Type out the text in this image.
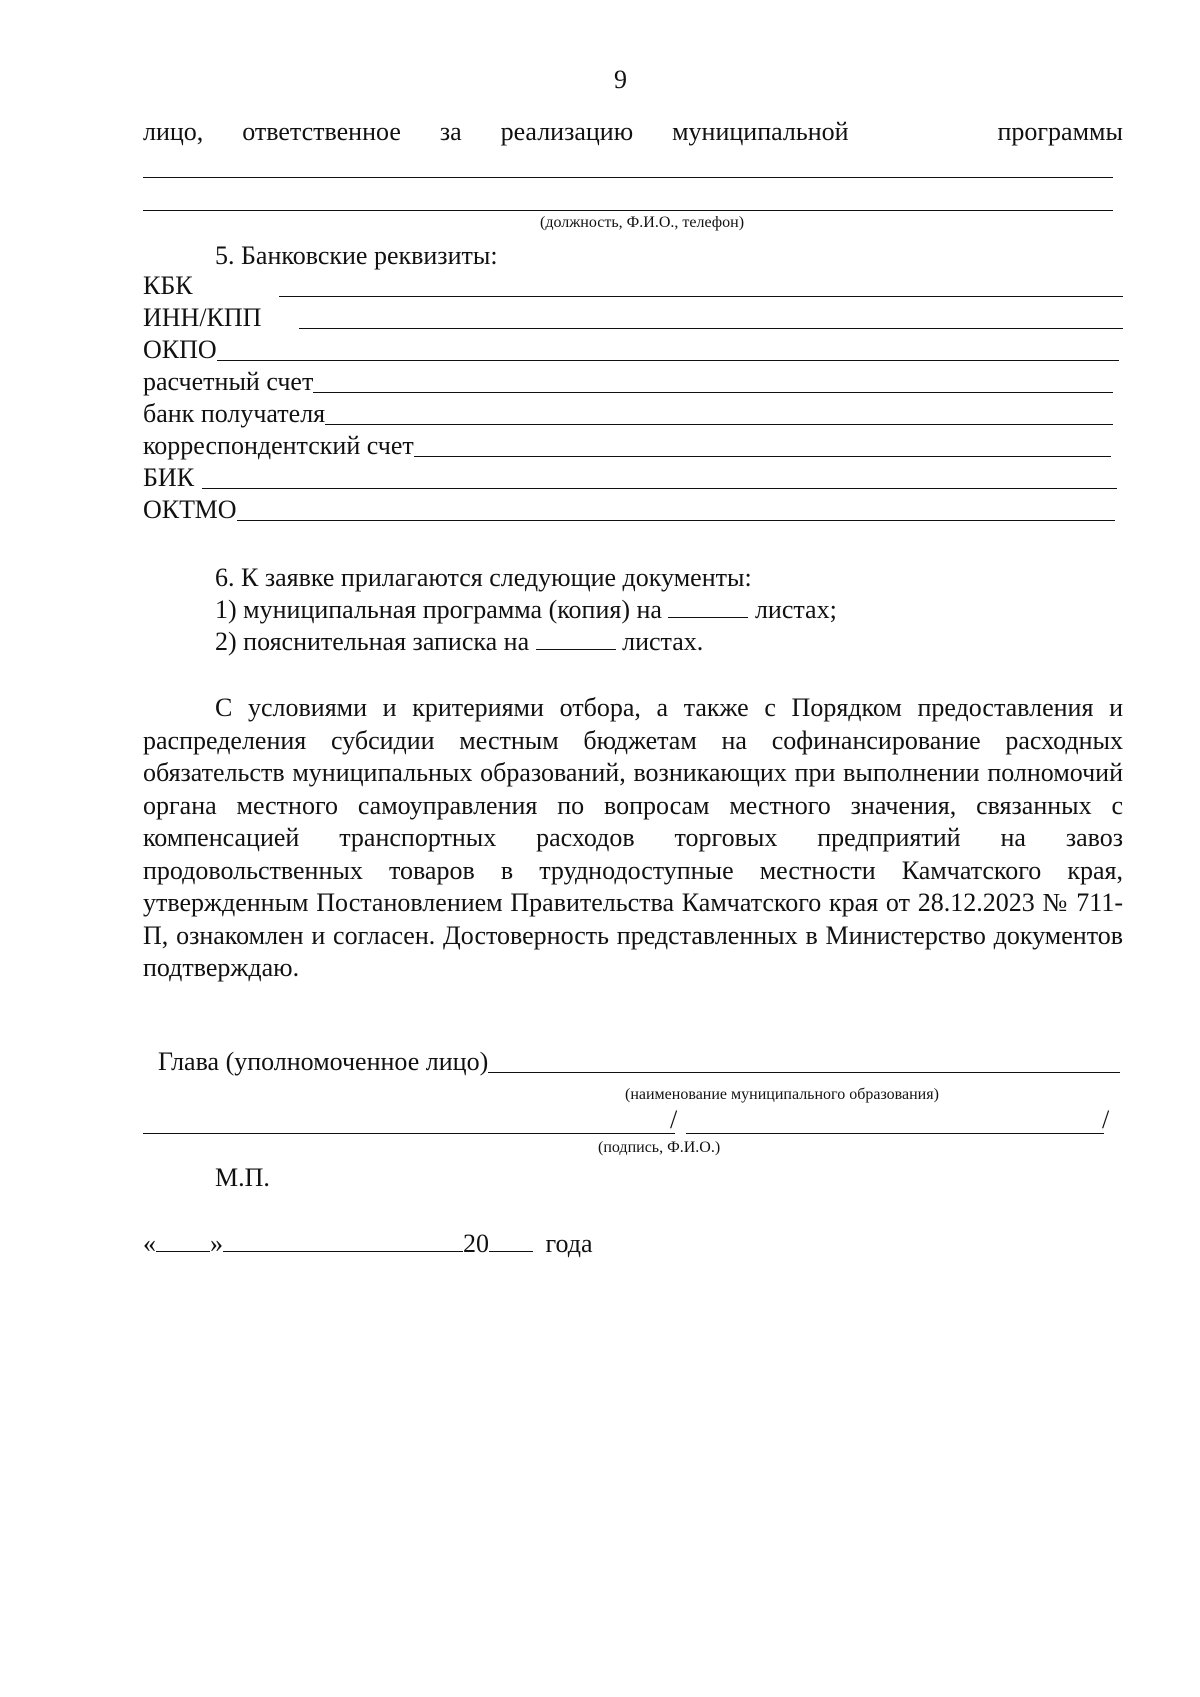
9
лицо, ответственное за реализацию муниципальной	программы
(должность, Ф.И.О., телефон)
5. Банковские реквизиты:
КБК
ИНН/КПП
ОКПО
расчетный счет
банк получателя
корреспондентский счет
БИК
ОКТМО
6. К заявке прилагаются следующие документы:
1) муниципальная программа (копия) на	листах;
2) пояснительная записка на	листах.
С условиями и критериями отбора, а также с Порядком предоставления и распределения субсидии местным бюджетам на софинансирование расходных обязательств муниципальных образований, возникающих при выполнении полномочий органа местного самоуправления по вопросам местного значения, связанных с компенсацией транспортных расходов торговых предприятий на завоз продовольственных товаров в труднодоступные местности Камчатского края, утвержденным Постановлением Правительства Камчатского края от 28.12.2023 № 711-П, ознакомлен и согласен. Достоверность представленных в Министерство документов подтверждаю.
Глава (уполномоченное лицо)
(наименование муниципального образования)
/	/
(подпись, Ф.И.О.)
М.П.
« »	20 года
